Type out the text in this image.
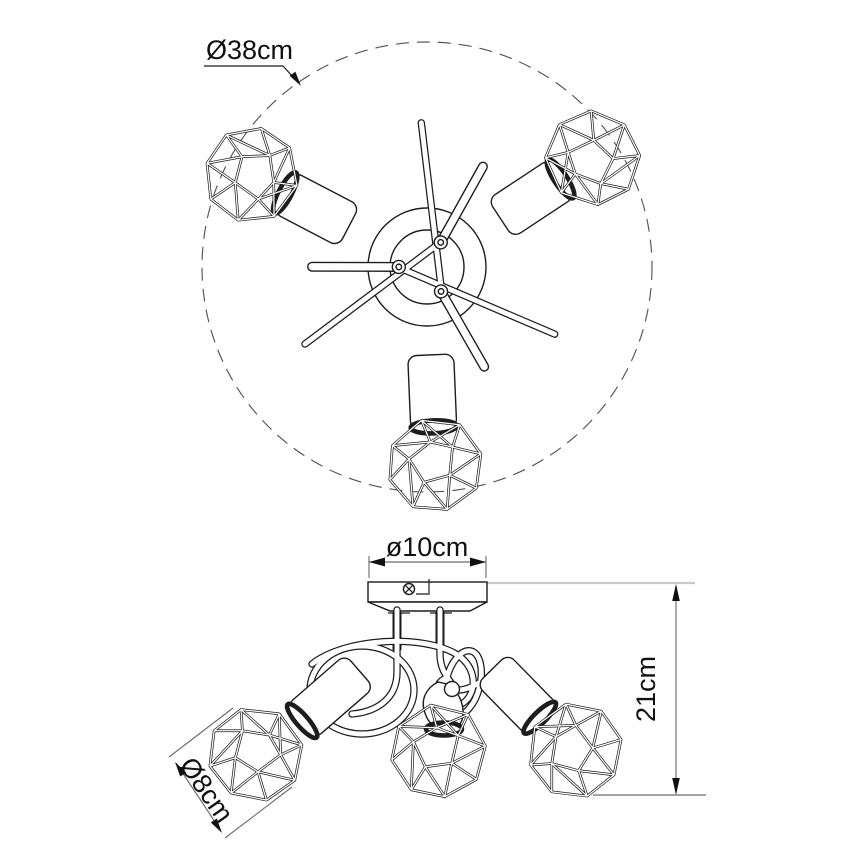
Ø38cm
ø10cm
21cm
Ø8cm
